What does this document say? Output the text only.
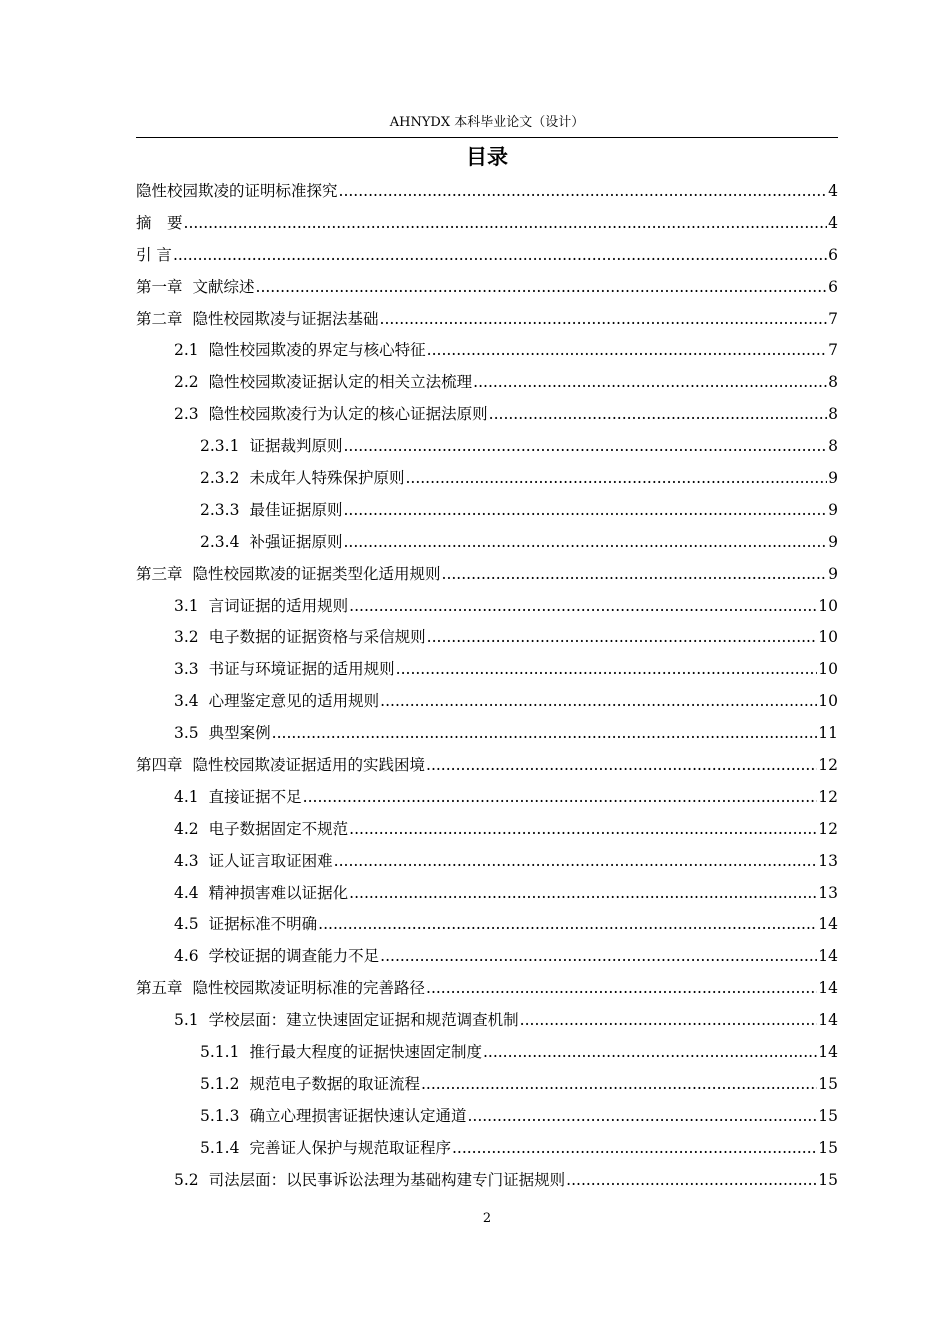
AHNYDX 本科毕业论文（设计）
目录
隐性校园欺凌的证明标准探究 .....	4
摘　要 .....	4
引 言 .....	6
第一章 文献综述 .....	6
第二章 隐性校园欺凌与证据法基础 .....	7
2.1 隐性校园欺凌的界定与核心特征 .....	7
2.2 隐性校园欺凌证据认定的相关立法梳理 .....	8
2.3 隐性校园欺凌行为认定的核心证据法原则 .....	8
2.3.1 证据裁判原则 .....	8
2.3.2 未成年人特殊保护原则 .....	9
2.3.3 最佳证据原则 .....	9
2.3.4 补强证据原则 .....	9
第三章 隐性校园欺凌的证据类型化适用规则 .....	9
3.1 言词证据的适用规则 .....	10
3.2 电子数据的证据资格与采信规则 .....	10
3.3 书证与环境证据的适用规则 .....	10
3.4 心理鉴定意见的适用规则 .....	10
3.5 典型案例 .....	11
第四章 隐性校园欺凌证据适用的实践困境 .....	12
4.1 直接证据不足 .....	12
4.2 电子数据固定不规范 .....	12
4.3 证人证言取证困难 .....	13
4.4 精神损害难以证据化 .....	13
4.5 证据标准不明确 .....	14
4.6 学校证据的调查能力不足 .....	14
第五章 隐性校园欺凌证明标准的完善路径 .....	14
5.1 学校层面：建立快速固定证据和规范调查机制 .....	14
5.1.1 推行最大程度的证据快速固定制度 .....	14
5.1.2 规范电子数据的取证流程 .....	15
5.1.3 确立心理损害证据快速认定通道 .....	15
5.1.4 完善证人保护与规范取证程序 .....	15
5.2 司法层面：以民事诉讼法理为基础构建专门证据规则 .....	15
2
